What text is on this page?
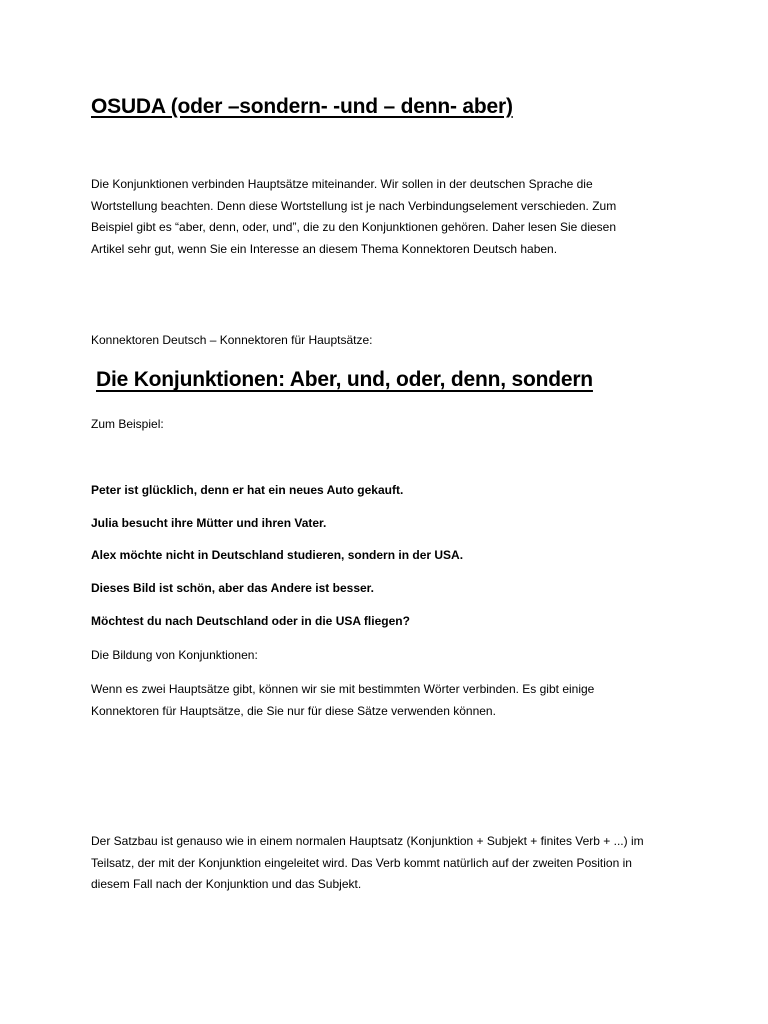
OSUDA (oder –sondern- -und – denn- aber)

Die Konjunktionen verbinden Hauptsätze miteinander. Wir sollen in der deutschen Sprache die Wortstellung beachten. Denn diese Wortstellung ist je nach Verbindungselement verschieden. Zum Beispiel gibt es “aber, denn, oder, und”, die zu den Konjunktionen gehören. Daher lesen Sie diesen Artikel sehr gut, wenn Sie ein Interesse an diesem Thema Konnektoren Deutsch haben.

Konnektoren Deutsch – Konnektoren für Hauptsätze:

Die Konjunktionen: Aber, und, oder, denn, sondern

Zum Beispiel:

Peter ist glücklich, denn er hat ein neues Auto gekauft.

Julia besucht ihre Mütter und ihren Vater.

Alex möchte nicht in Deutschland studieren, sondern in der USA.

Dieses Bild ist schön, aber das Andere ist besser.

Möchtest du nach Deutschland oder in die USA fliegen?

Die Bildung von Konjunktionen:

Wenn es zwei Hauptsätze gibt, können wir sie mit bestimmten Wörter verbinden. Es gibt einige Konnektoren für Hauptsätze, die Sie nur für diese Sätze verwenden können.

Der Satzbau ist genauso wie in einem normalen Hauptsatz (Konjunktion + Subjekt + finites Verb + ...) im Teilsatz, der mit der Konjunktion eingeleitet wird. Das Verb kommt natürlich auf der zweiten Position in diesem Fall nach der Konjunktion und das Subjekt.
